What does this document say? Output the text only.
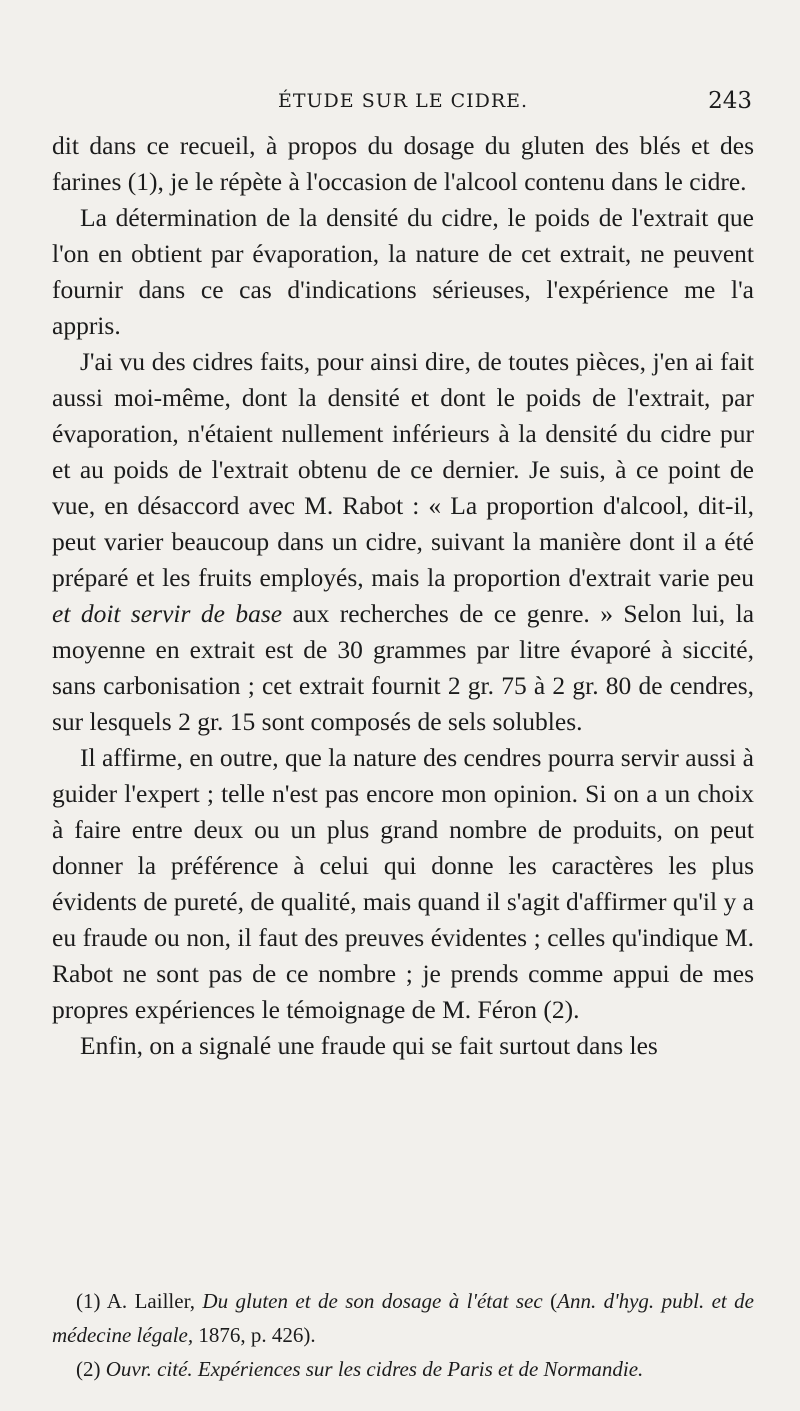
ÉTUDE SUR LE CIDRE.	243

dit dans ce recueil, à propos du dosage du gluten des blés et des farines (1), je le répète à l'occasion de l'alcool contenu dans le cidre.

La détermination de la densité du cidre, le poids de l'extrait que l'on en obtient par évaporation, la nature de cet extrait, ne peuvent fournir dans ce cas d'indications sérieuses, l'expérience me l'a appris.

J'ai vu des cidres faits, pour ainsi dire, de toutes pièces, j'en ai fait aussi moi-même, dont la densité et dont le poids de l'extrait, par évaporation, n'étaient nullement inférieurs à la densité du cidre pur et au poids de l'extrait obtenu de ce dernier. Je suis, à ce point de vue, en désaccord avec M. Rabot : « La proportion d'alcool, dit-il, peut varier beaucoup dans un cidre, suivant la manière dont il a été préparé et les fruits employés, mais la proportion d'extrait varie peu et doit servir de base aux recherches de ce genre. » Selon lui, la moyenne en extrait est de 30 grammes par litre évaporé à siccité, sans carbonisation ; cet extrait fournit 2 gr. 75 à 2 gr. 80 de cendres, sur lesquels 2 gr. 15 sont composés de sels solubles.

Il affirme, en outre, que la nature des cendres pourra servir aussi à guider l'expert ; telle n'est pas encore mon opinion. Si on a un choix à faire entre deux ou un plus grand nombre de produits, on peut donner la préférence à celui qui donne les caractères les plus évidents de pureté, de qualité, mais quand il s'agit d'affirmer qu'il y a eu fraude ou non, il faut des preuves évidentes ; celles qu'indique M. Rabot ne sont pas de ce nombre ; je prends comme appui de mes propres expériences le témoignage de M. Féron (2).

Enfin, on a signalé une fraude qui se fait surtout dans les

(1) A. Lailler, Du gluten et de son dosage à l'état sec (Ann. d'hyg. publ. et de médecine légale, 1876, p. 426).

(2) Ouvr. cité. Expériences sur les cidres de Paris et de Normandie.
